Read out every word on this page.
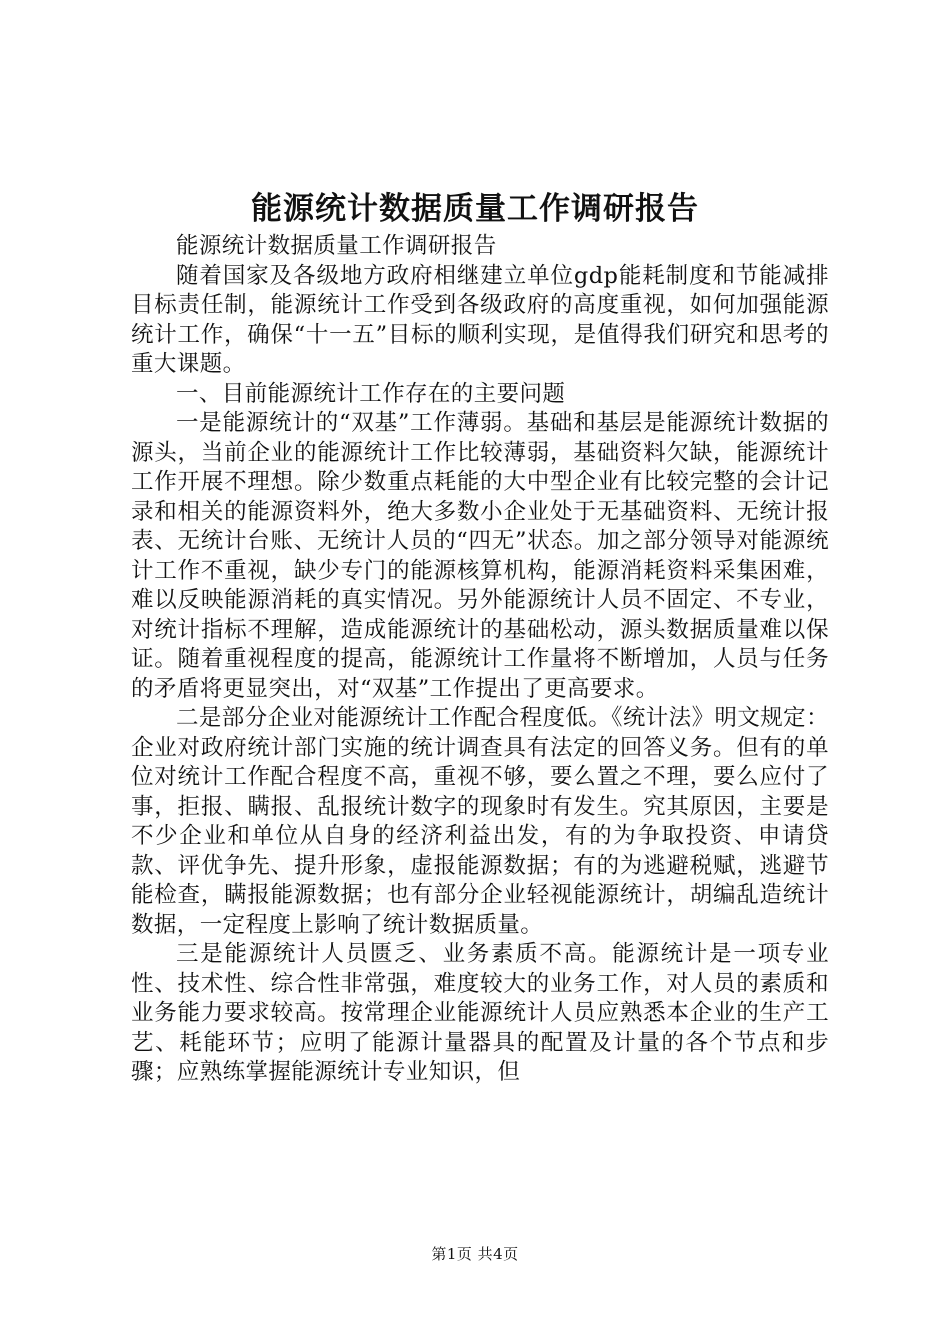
能源统计数据质量工作调研报告

能源统计数据质量工作调研报告

随着国家及各级地方政府相继建立单位gdp能耗制度和节能减排目标责任制，能源统计工作受到各级政府的高度重视，如何加强能源统计工作，确保“十一五”目标的顺利实现，是值得我们研究和思考的重大课题。

一、目前能源统计工作存在的主要问题

一是能源统计的“双基”工作薄弱。基础和基层是能源统计数据的源头，当前企业的能源统计工作比较薄弱，基础资料欠缺，能源统计工作开展不理想。除少数重点耗能的大中型企业有比较完整的会计记录和相关的能源资料外，绝大多数小企业处于无基础资料、无统计报表、无统计台账、无统计人员的“四无”状态。加之部分领导对能源统计工作不重视，缺少专门的能源核算机构，能源消耗资料采集困难，难以反映能源消耗的真实情况。另外能源统计人员不固定、不专业，对统计指标不理解，造成能源统计的基础松动，源头数据质量难以保证。随着重视程度的提高，能源统计工作量将不断增加，人员与任务的矛盾将更显突出，对“双基”工作提出了更高要求。

二是部分企业对能源统计工作配合程度低。《统计法》明文规定：企业对政府统计部门实施的统计调查具有法定的回答义务。但有的单位对统计工作配合程度不高，重视不够，要么置之不理，要么应付了事，拒报、瞒报、乱报统计数字的现象时有发生。究其原因，主要是不少企业和单位从自身的经济利益出发，有的为争取投资、申请贷款、评优争先、提升形象，虚报能源数据；有的为逃避税赋，逃避节能检查，瞒报能源数据；也有部分企业轻视能源统计，胡编乱造统计数据，一定程度上影响了统计数据质量。

三是能源统计人员匮乏、业务素质不高。能源统计是一项专业性、技术性、综合性非常强，难度较大的业务工作，对人员的素质和业务能力要求较高。按常理企业能源统计人员应熟悉本企业的生产工艺、耗能环节；应明了能源计量器具的配置及计量的各个节点和步骤；应熟练掌握能源统计专业知识，但

第1页 共4页
